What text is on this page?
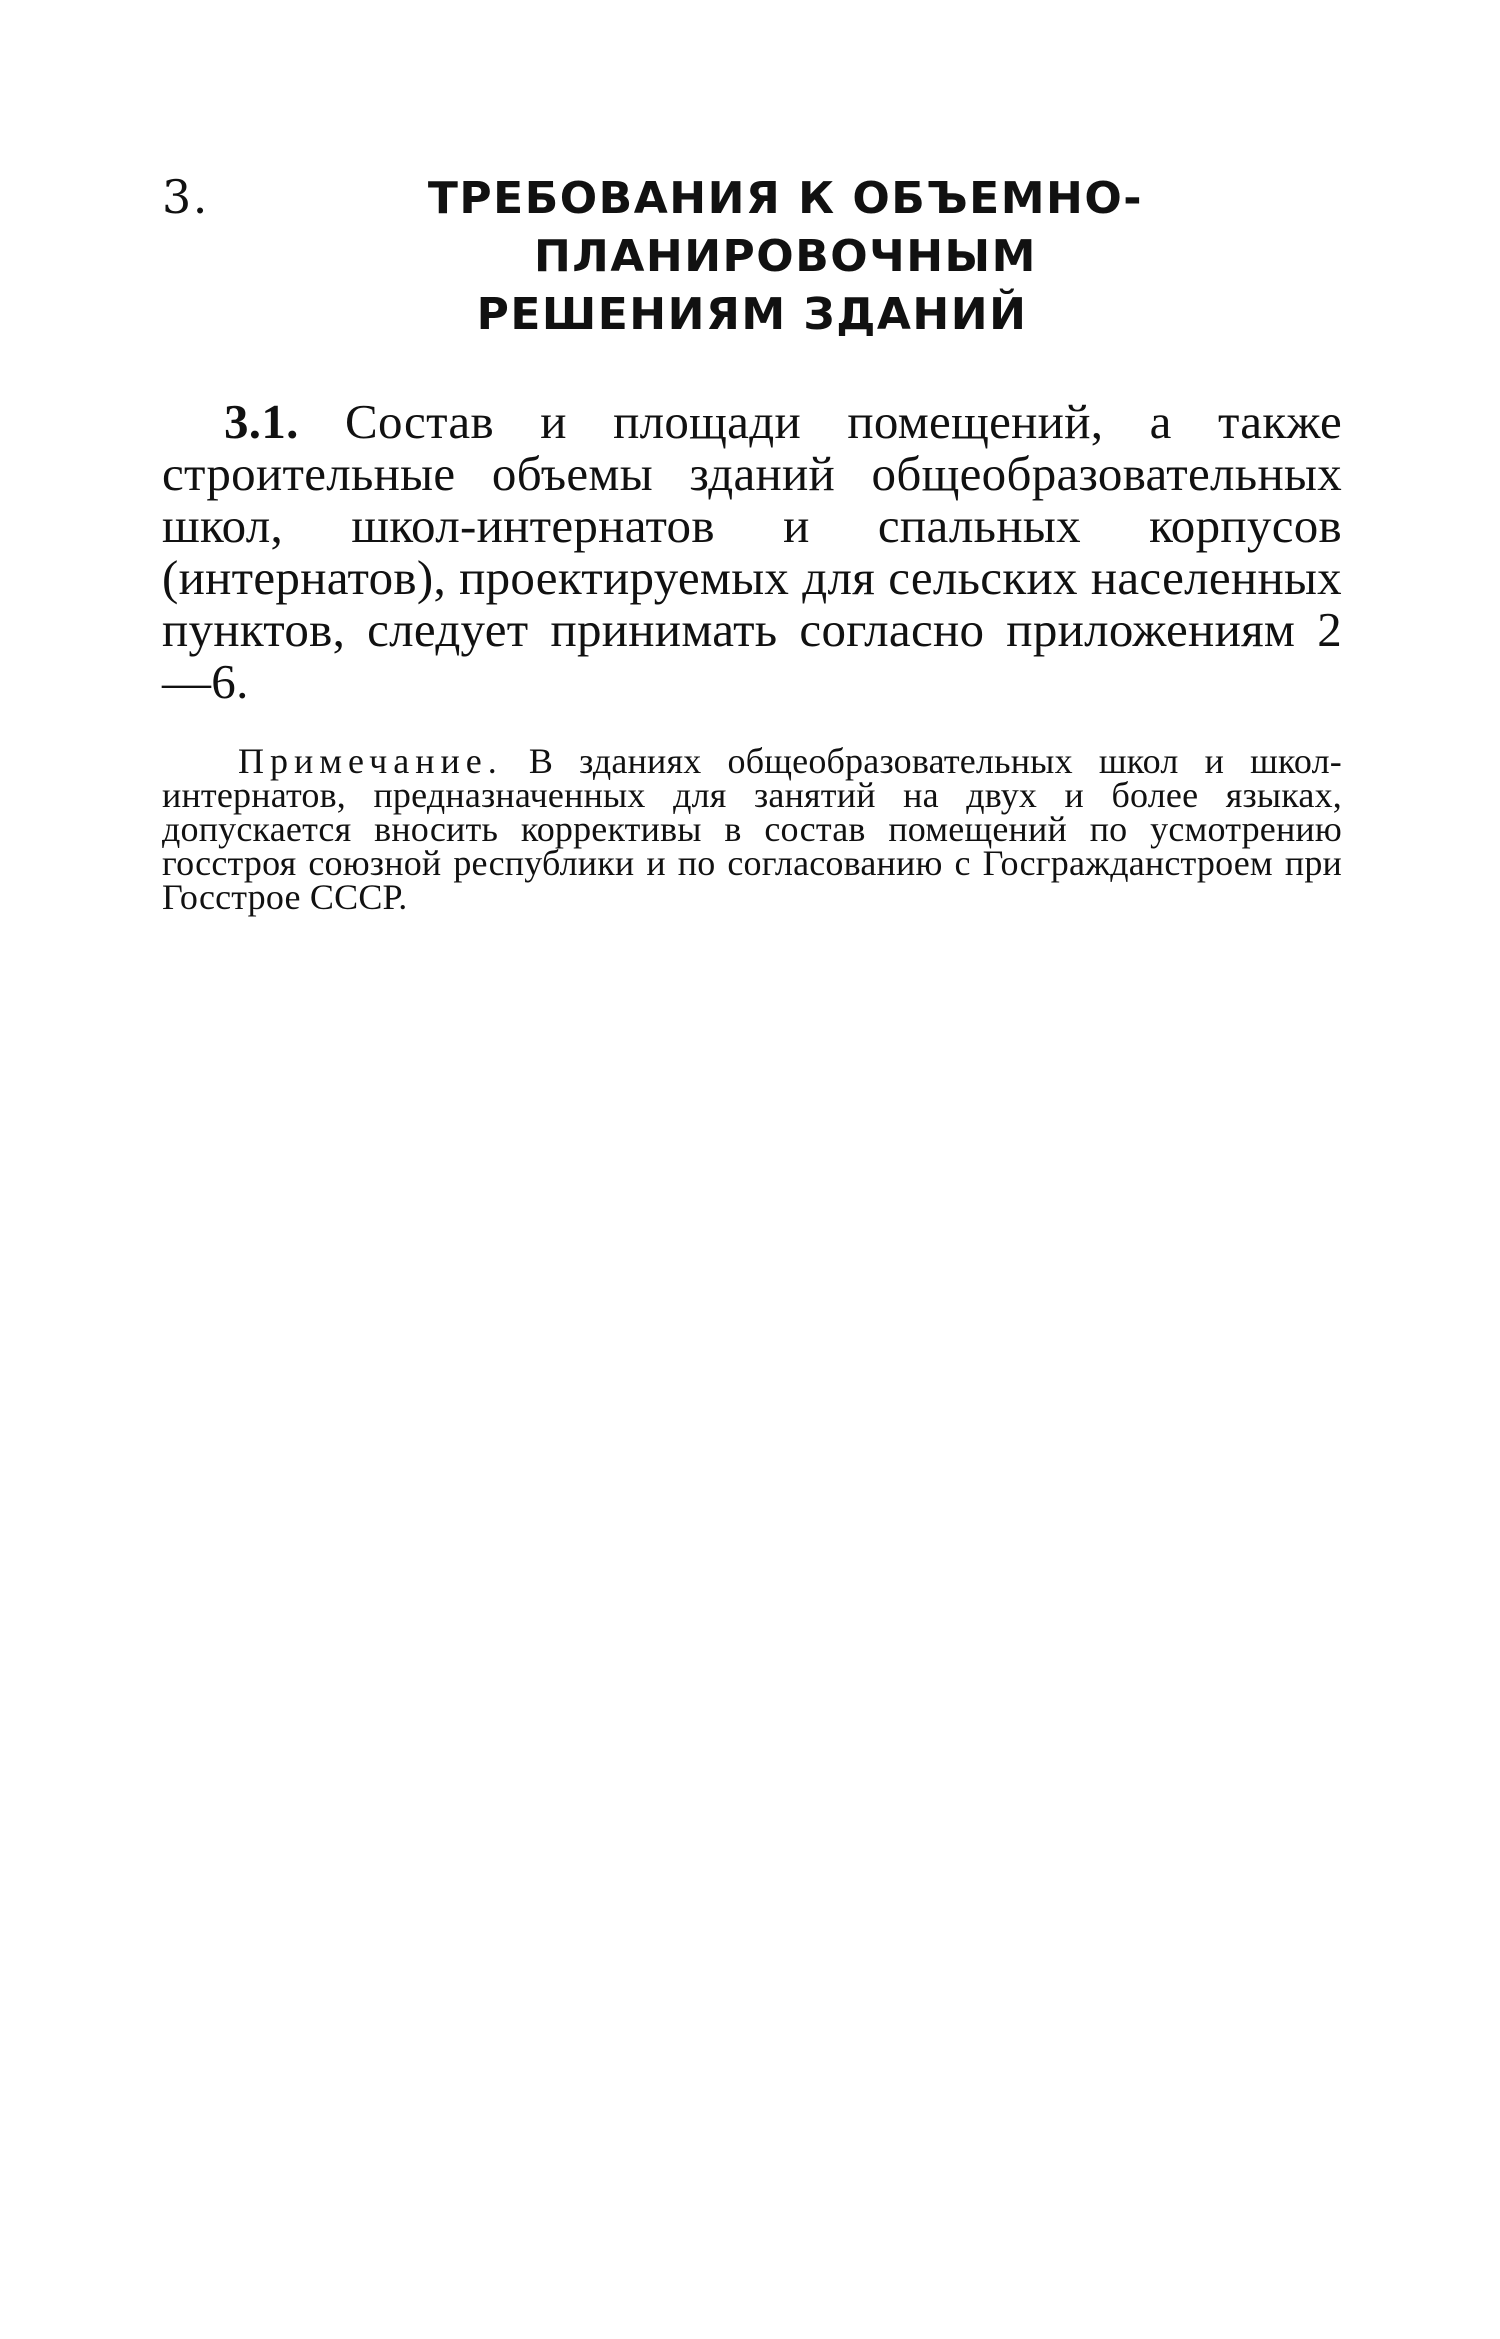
3.	ТРЕБОВАНИЯ К ОБЪЕМНО-ПЛАНИРОВОЧНЫМ
РЕШЕНИЯМ ЗДАНИЙ

3.1. Состав и площади помещений, а также строительные объемы зданий общеобразовательных школ, школ-интернатов и спальных корпусов (интернатов), проектируемых для сельских населенных пунктов, следует принимать согласно приложениям 2—6.

Примечание. В зданиях общеобразовательных школ и школ-интернатов, предназначенных для занятий на двух и более языках, допускается вносить коррективы в состав помещений по усмотрению госстроя союзной республики и по согласованию с Госгражданстроем при Госстрое СССР.
